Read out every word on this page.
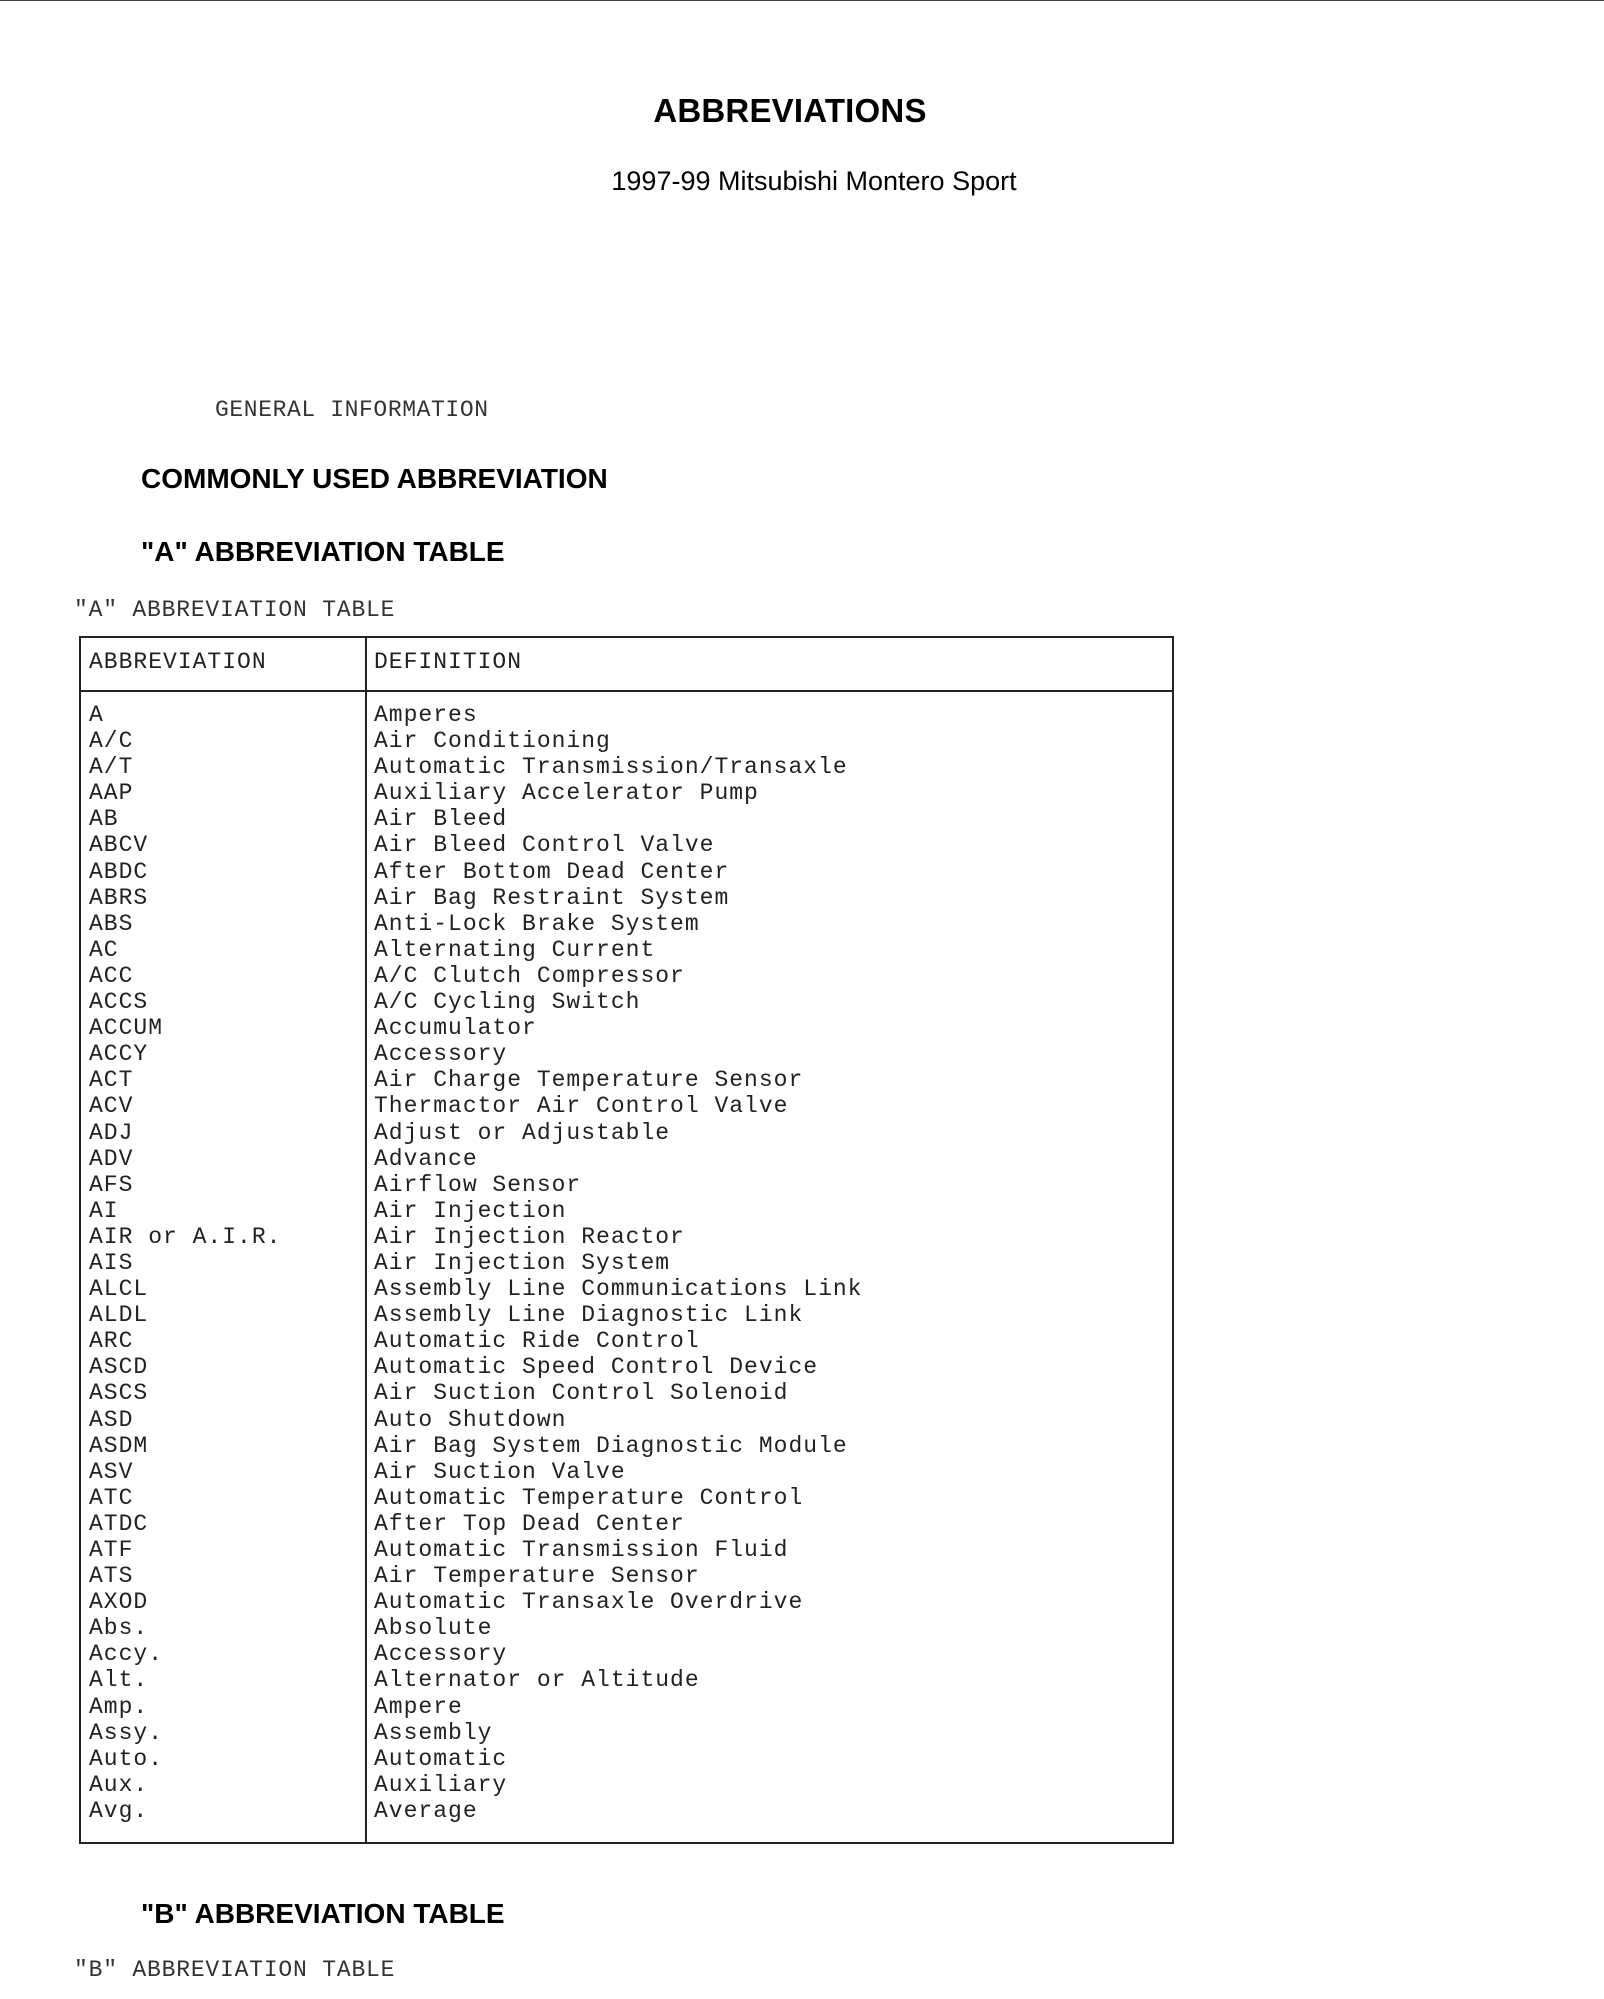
ABBREVIATIONS
1997-99 Mitsubishi Montero Sport
GENERAL INFORMATION
COMMONLY USED ABBREVIATION
"A" ABBREVIATION TABLE
"A" ABBREVIATION TABLE
ABBREVIATION	DEFINITION
A	Amperes
A/C	Air Conditioning
A/T	Automatic Transmission/Transaxle
AAP	Auxiliary Accelerator Pump
AB	Air Bleed
ABCV	Air Bleed Control Valve
ABDC	After Bottom Dead Center
ABRS	Air Bag Restraint System
ABS	Anti-Lock Brake System
AC	Alternating Current
ACC	A/C Clutch Compressor
ACCS	A/C Cycling Switch
ACCUM	Accumulator
ACCY	Accessory
ACT	Air Charge Temperature Sensor
ACV	Thermactor Air Control Valve
ADJ	Adjust or Adjustable
ADV	Advance
AFS	Airflow Sensor
AI	Air Injection
AIR or A.I.R.	Air Injection Reactor
AIS	Air Injection System
ALCL	Assembly Line Communications Link
ALDL	Assembly Line Diagnostic Link
ARC	Automatic Ride Control
ASCD	Automatic Speed Control Device
ASCS	Air Suction Control Solenoid
ASD	Auto Shutdown
ASDM	Air Bag System Diagnostic Module
ASV	Air Suction Valve
ATC	Automatic Temperature Control
ATDC	After Top Dead Center
ATF	Automatic Transmission Fluid
ATS	Air Temperature Sensor
AXOD	Automatic Transaxle Overdrive
Abs.	Absolute
Accy.	Accessory
Alt.	Alternator or Altitude
Amp.	Ampere
Assy.	Assembly
Auto.	Automatic
Aux.	Auxiliary
Avg.	Average
"B" ABBREVIATION TABLE
"B" ABBREVIATION TABLE
